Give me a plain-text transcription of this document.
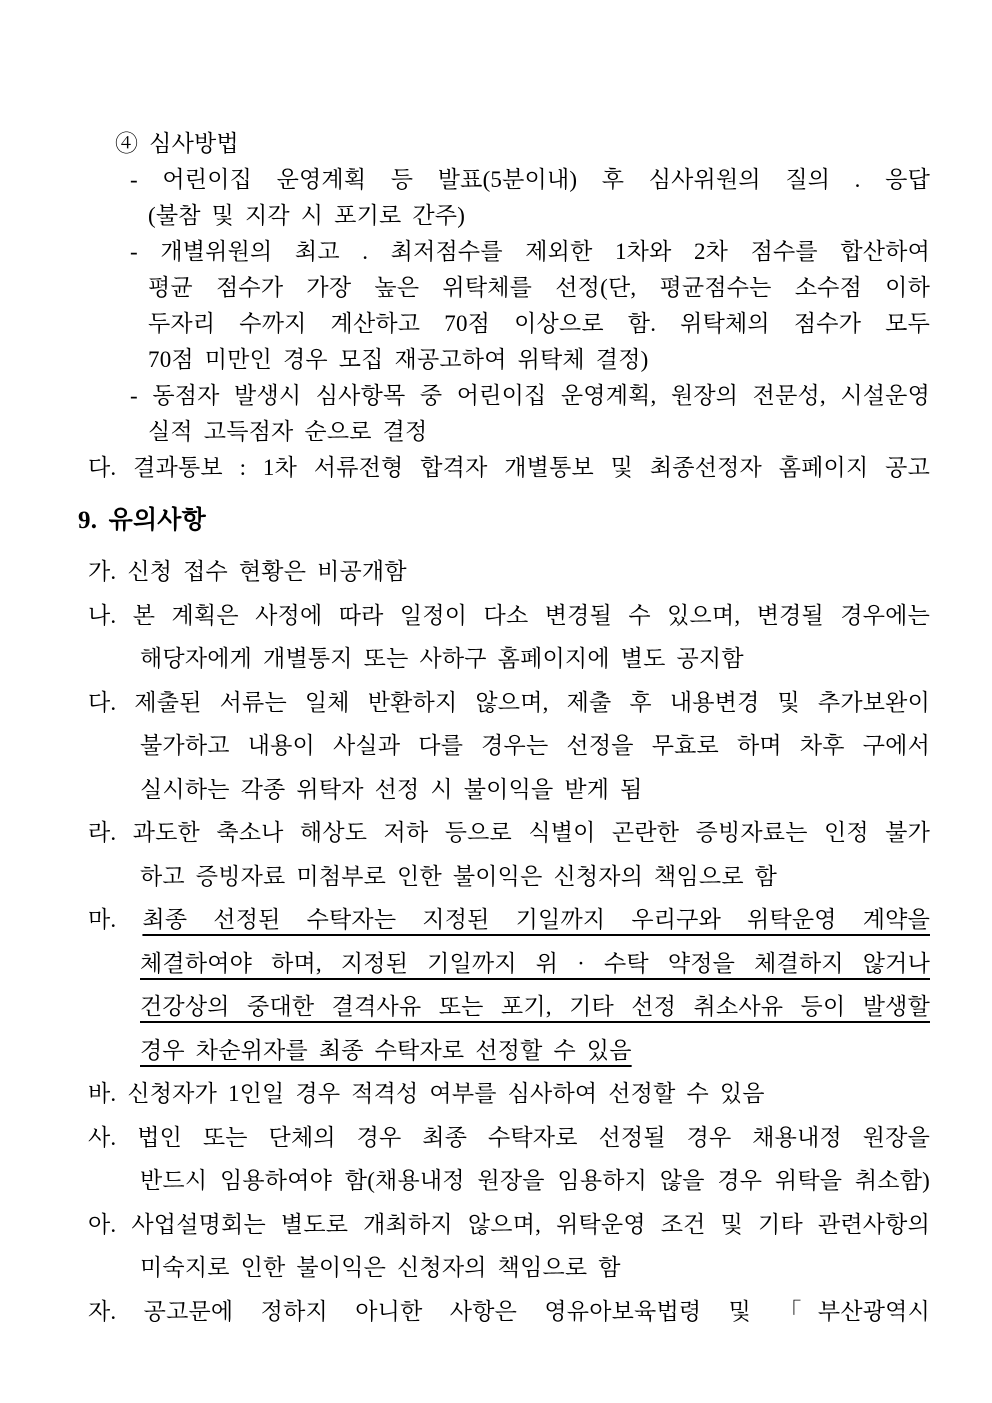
④ 심사방법
- 어린이집 운영계획 등 발표(5분이내) 후 심사위원의 질의 . 응답
(불참 및 지각 시 포기로 간주)
- 개별위원의 최고 . 최저점수를 제외한 1차와 2차 점수를 합산하여
평균 점수가 가장 높은 위탁체를 선정(단, 평균점수는 소수점 이하
두자리 수까지 계산하고 70점 이상으로 함. 위탁체의 점수가 모두
70점 미만인 경우 모집 재공고하여 위탁체 결정)
- 동점자 발생시 심사항목 중 어린이집 운영계획, 원장의 전문성, 시설운영
실적 고득점자 순으로 결정
다. 결과통보 : 1차 서류전형 합격자 개별통보 및 최종선정자 홈페이지 공고
9. 유의사항
가. 신청 접수 현황은 비공개함
나. 본 계획은 사정에 따라 일정이 다소 변경될 수 있으며, 변경될 경우에는
해당자에게 개별통지 또는 사하구 홈페이지에 별도 공지함
다. 제출된 서류는 일체 반환하지 않으며, 제출 후 내용변경 및 추가보완이
불가하고 내용이 사실과 다를 경우는 선정을 무효로 하며 차후 구에서
실시하는 각종 위탁자 선정 시 불이익을 받게 됨
라. 과도한 축소나 해상도 저하 등으로 식별이 곤란한 증빙자료는 인정 불가
하고 증빙자료 미첨부로 인한 불이익은 신청자의 책임으로 함
마. 최종 선정된 수탁자는 지정된 기일까지 우리구와 위탁운영 계약을
체결하여야 하며, 지정된 기일까지 위 · 수탁 약정을 체결하지 않거나
건강상의 중대한 결격사유 또는 포기, 기타 선정 취소사유 등이 발생할
경우 차순위자를 최종 수탁자로 선정할 수 있음
바. 신청자가 1인일 경우 적격성 여부를 심사하여 선정할 수 있음
사. 법인 또는 단체의 경우 최종 수탁자로 선정될 경우 채용내정 원장을
반드시 임용하여야 함(채용내정 원장을 임용하지 않을 경우 위탁을 취소함)
아. 사업설명회는 별도로 개최하지 않으며, 위탁운영 조건 및 기타 관련사항의
미숙지로 인한 불이익은 신청자의 책임으로 함
자. 공고문에 정하지 아니한 사항은 영유아보육법령 및 「부산광역시
